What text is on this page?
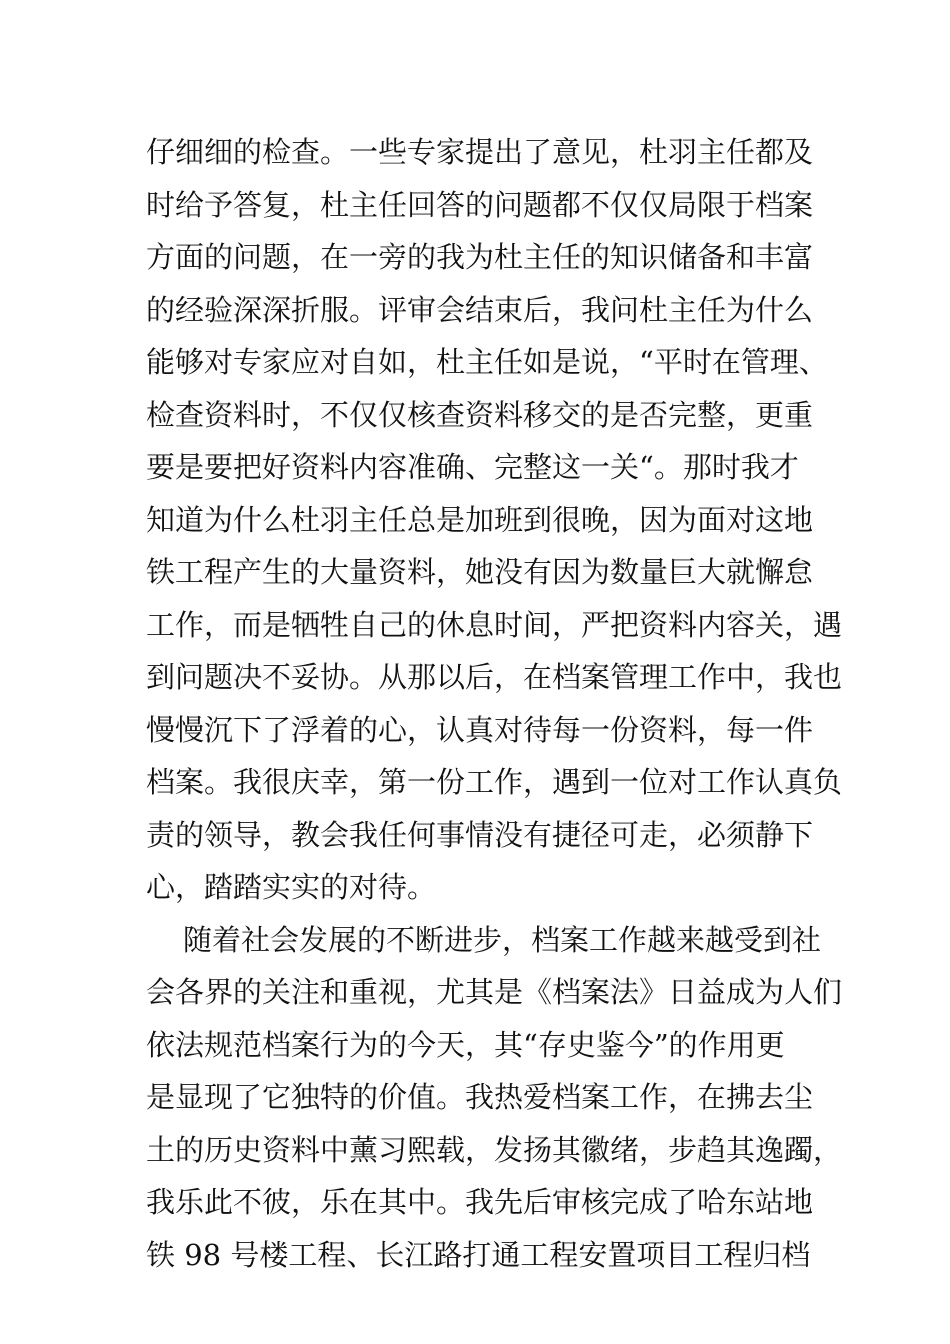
仔细细的检查。一些专家提出了意见，杜羽主任都及
时给予答复，杜主任回答的问题都不仅仅局限于档案
方面的问题，在一旁的我为杜主任的知识储备和丰富
的经验深深折服。评审会结束后，我问杜主任为什么
能够对专家应对自如，杜主任如是说，“平时在管理、
检查资料时，不仅仅核查资料移交的是否完整，更重
要是要把好资料内容准确、完整这一关“。那时我才
知道为什么杜羽主任总是加班到很晚，因为面对这地
铁工程产生的大量资料，她没有因为数量巨大就懈怠
工作，而是牺牲自己的休息时间，严把资料内容关，遇
到问题决不妥协。从那以后，在档案管理工作中，我也
慢慢沉下了浮着的心，认真对待每一份资料，每一件
档案。我很庆幸，第一份工作，遇到一位对工作认真负
责的领导，教会我任何事情没有捷径可走，必须静下
心，踏踏实实的对待。
随着社会发展的不断进步，档案工作越来越受到社
会各界的关注和重视，尤其是《档案法》日益成为人们
依法规范档案行为的今天，其“存史鉴今”的作用更
是显现了它独特的价值。我热爱档案工作，在拂去尘
土的历史资料中薰习熙载，发扬其徽绪，步趋其逸躅，
我乐此不彼，乐在其中。我先后审核完成了哈东站地
铁 98 号楼工程、长江路打通工程安置项目工程归档
